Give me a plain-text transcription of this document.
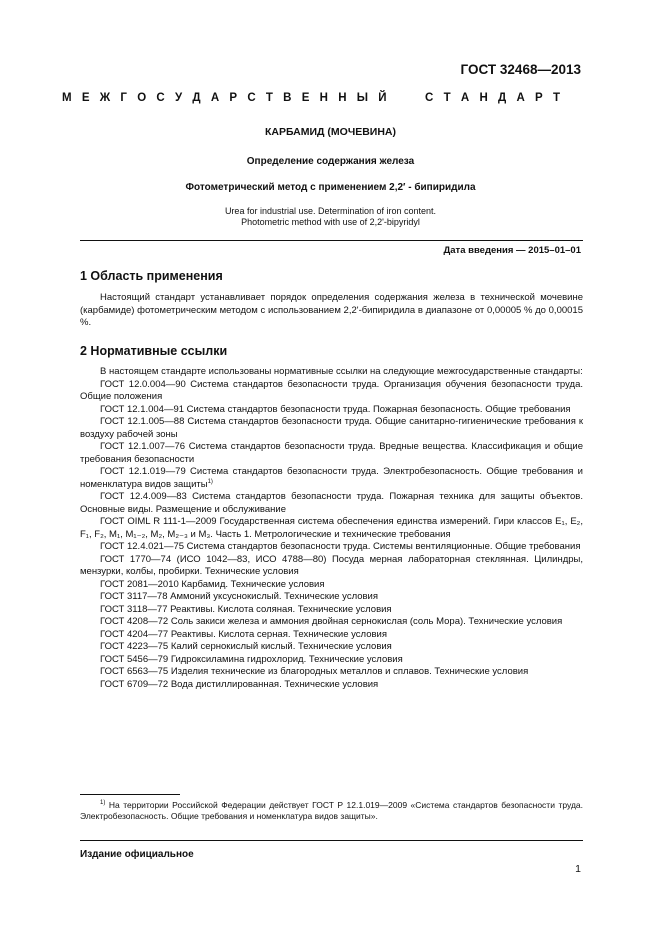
ГОСТ 32468—2013
М Е Ж Г О С У Д А Р С Т В Е Н Н Ы Й	С Т А Н Д А Р Т
КАРБАМИД (МОЧЕВИНА)
Определение содержания железа
Фотометрический метод с применением 2,2′ - бипиридила
Urea for industrial use. Determination of iron content.
Photometric method with use of 2,2'-bipyridyl
Дата введения — 2015–01–01
1 Область применения

Настоящий стандарт устанавливает порядок определения содержания железа в технической мочевине (карбамиде) фотометрическим методом с использованием 2,2'-бипиридила в диапазоне от 0,00005 % до 0,00015 %.

2 Нормативные ссылки

В настоящем стандарте использованы нормативные ссылки на следующие межгосударственные стандарты:

ГОСТ 12.0.004—90 Система стандартов безопасности труда. Организация обучения безопасности труда. Общие положения

ГОСТ 12.1.004—91 Система стандартов безопасности труда. Пожарная безопасность. Общие требования

ГОСТ 12.1.005—88 Система стандартов безопасности труда. Общие санитарно-гигиенические требования к воздуху рабочей зоны

ГОСТ 12.1.007—76 Система стандартов безопасности труда. Вредные вещества. Классификация и общие требования безопасности

ГОСТ 12.1.019—79 Система стандартов безопасности труда. Электробезопасность. Общие требования и номенклатура видов защиты$^{1)}$

ГОСТ 12.4.009—83 Система стандартов безопасности труда. Пожарная техника для защиты объектов. Основные виды. Размещение и обслуживание

ГОСТ OIML R 111-1—2009 Государственная система обеспечения единства измерений. Гири классов E₁, E₂, F₁, F₂, M₁, M₁₋₂, M₂, M₂₋₃ и M₃. Часть 1. Метрологические и технические требования

ГОСТ 12.4.021—75 Система стандартов безопасности труда. Системы вентиляционные. Общие требования

ГОСТ 1770—74 (ИСО 1042—83, ИСО 4788—80) Посуда мерная лабораторная стеклянная. Цилиндры, мензурки, колбы, пробирки. Технические условия

ГОСТ 2081—2010 Карбамид. Технические условия

ГОСТ 3117—78 Аммоний уксуснокислый. Технические условия

ГОСТ 3118—77 Реактивы. Кислота соляная. Технические условия

ГОСТ 4208—72 Соль закиси железа и аммония двойная сернокислая (соль Мора). Технические условия

ГОСТ 4204—77 Реактивы. Кислота серная. Технические условия

ГОСТ 4223—75 Калий сернокислый кислый. Технические условия

ГОСТ 5456—79 Гидроксиламина гидрохлорид. Технические условия

ГОСТ 6563—75 Изделия технические из благородных металлов и сплавов. Технические условия

ГОСТ 6709—72 Вода дистиллированная. Технические условия

$^{1)}$ На территории Российской Федерации действует ГОСТ Р 12.1.019—2009 «Система стандартов безопасности труда. Электробезопасность. Общие требования и номенклатура видов защиты».

Издание официальное
1
